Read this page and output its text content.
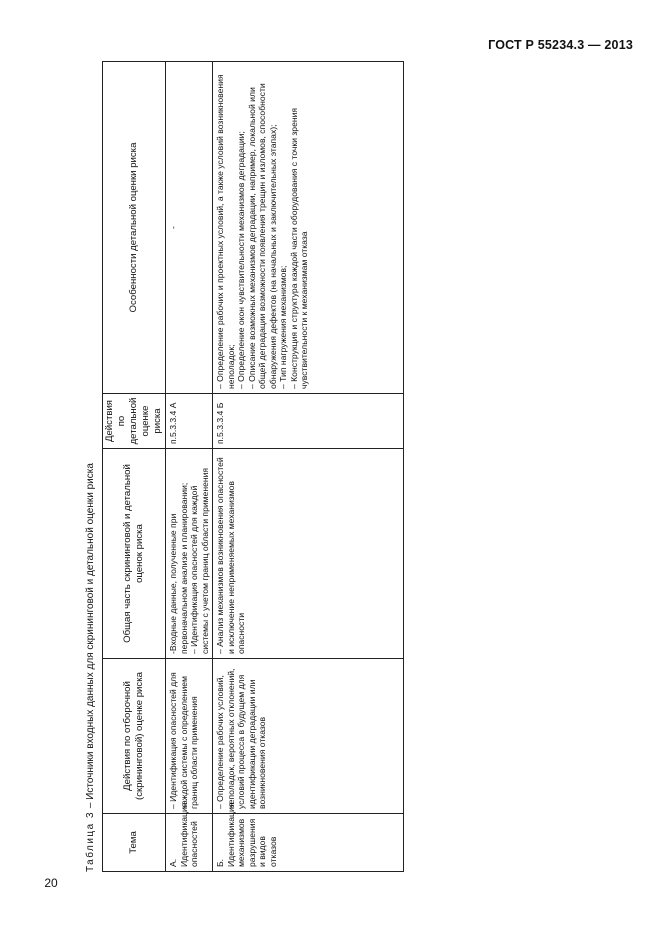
ГОСТ Р 55234.3 — 2013
20
Таблица 3 – Источники входных данных для скрининговой и детальной оценки риска
Тема	Действия по отборочной (скрининговой) оценке риска	Общая часть скрининговой и детальной оценок риска	Действия по детальной оценке риска	Особенности детальной оценки риска
А. Идентификация опасностей	– Идентификация опасностей для каждой системы с определением границ области применения	-Входные данные, полученные при первоначальном анализе и планировании; – Идентификация опасностей для каждой системы с учетом границ области применения	п.5.3.3.4 А	-

Б. Идентификация механизмов разрушения и видов отказов	– Определение рабочих условий, неполадок, вероятных отклонений, условий процесса в будущем для идентификации деградации или возникновения отказов	– Анализ механизмов возникновения опасностей и исключение неприменяемых механизмов опасности	п.5.3.3.4 Б	– Определение рабочих и проектных условий, а также условий возникновения неполадок; – Определение окон чувствительности механизмов деградации; – Описание возможных механизмов деградации, например, локальной или общей деградации возможности появления трещин и изломов, способности обнаружения дефектов (на начальных и заключительных этапах); – Тип нагружения механизмов; – Конструкция и структура каждой части оборудования с точки зрения чувствительности к механизмам отказа
